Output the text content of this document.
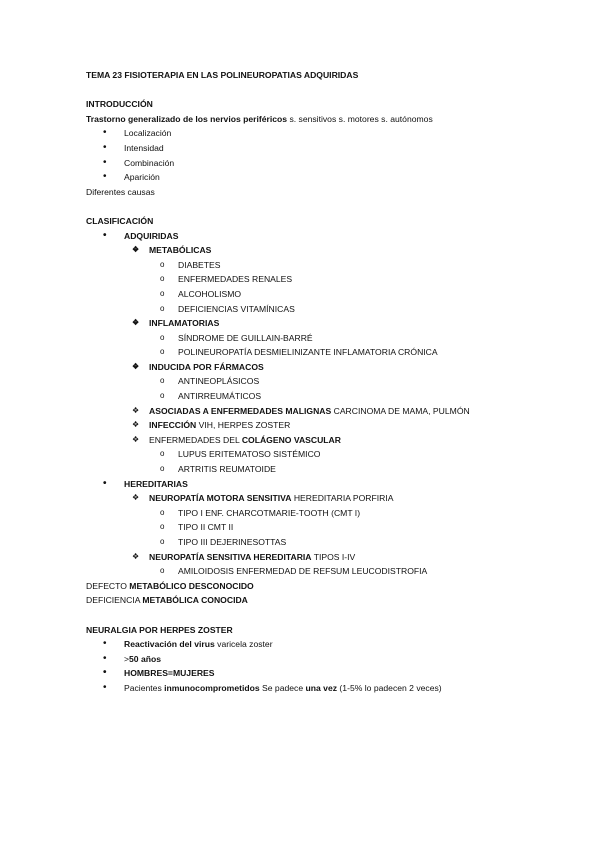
TEMA 23 FISIOTERAPIA EN LAS POLINEUROPATIAS ADQUIRIDAS
INTRODUCCIÓN
Trastorno generalizado de los nervios periféricos s. sensitivos s. motores s. autónomos
• Localización
• Intensidad
• Combinación
• Aparición
Diferentes causas
CLASIFICACIÓN
• ADQUIRIDAS
❖ METABÓLICAS
o DIABETES
o ENFERMEDADES RENALES
o ALCOHOLISMO
o DEFICIENCIAS VITAMÍNICAS
❖ INFLAMATORIAS
o SÍNDROME DE GUILLAIN-BARRÉ
o POLINEUROPATÍA DESMIELINIZANTE INFLAMATORIA CRÓNICA
❖ INDUCIDA POR FÁRMACOS
o ANTINEOPLÁSICOS
o ANTIRREUMÁTICOS
❖ ASOCIADAS A ENFERMEDADES MALIGNAS CARCINOMA DE MAMA, PULMÓN
❖ INFECCIÓN VIH, HERPES ZOSTER
❖ ENFERMEDADES DEL COLÁGENO VASCULAR
o LUPUS ERITEMATOSO SISTÉMICO
o ARTRITIS REUMATOIDE
• HEREDITARIAS
❖ NEUROPATÍA MOTORA SENSITIVA HEREDITARIA PORFIRIA
o TIPO I ENF. CHARCOTMARIE-TOOTH (CMT I)
o TIPO II CMT II
o TIPO III DEJERINESOTTAS
❖ NEUROPATÍA SENSITIVA HEREDITARIA TIPOS I-IV
o AMILOIDOSIS ENFERMEDAD DE REFSUM LEUCODISTROFIA
DEFECTO METABÓLICO DESCONOCIDO
DEFICIENCIA METABÓLICA CONOCIDA
NEURALGIA POR HERPES ZOSTER
• Reactivación del virus varicela zoster
• >50 años
• HOMBRES=MUJERES
• Pacientes inmunocomprometidos Se padece una vez (1-5% lo padecen 2 veces)
